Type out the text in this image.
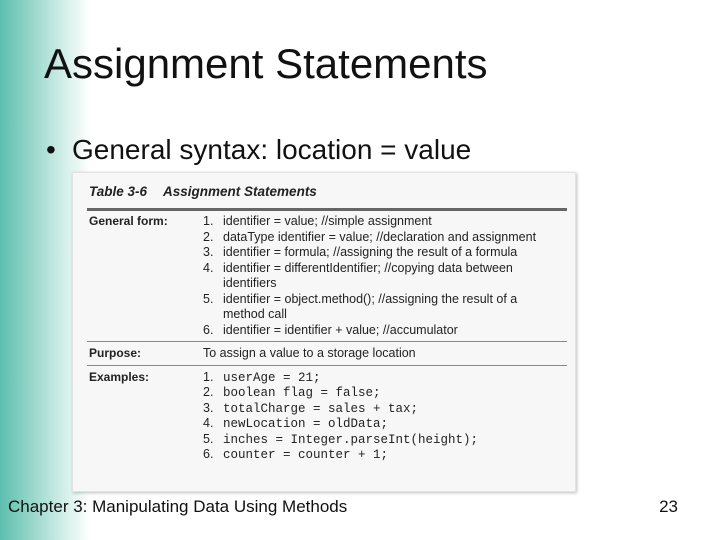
Assignment Statements
• General syntax: location = value
Table 3-6 Assignment Statements
General form:	1. identifier = value; //simple assignment
2. dataType identifier = value; //declaration and assignment
3. identifier = formula; //assigning the result of a formula
4. identifier = differentIdentifier; //copying data between
identifiers
5. identifier = object.method(); //assigning the result of a
method call
6. identifier = identifier + value; //accumulator
Purpose:	To assign a value to a storage location
Examples:	1. userAge = 21;
2. boolean flag = false;
3. totalCharge = sales + tax;
4. newLocation = oldData;
5. inches = Integer.parseInt(height);
6. counter = counter + 1;
Chapter 3: Manipulating Data Using Methods	23
